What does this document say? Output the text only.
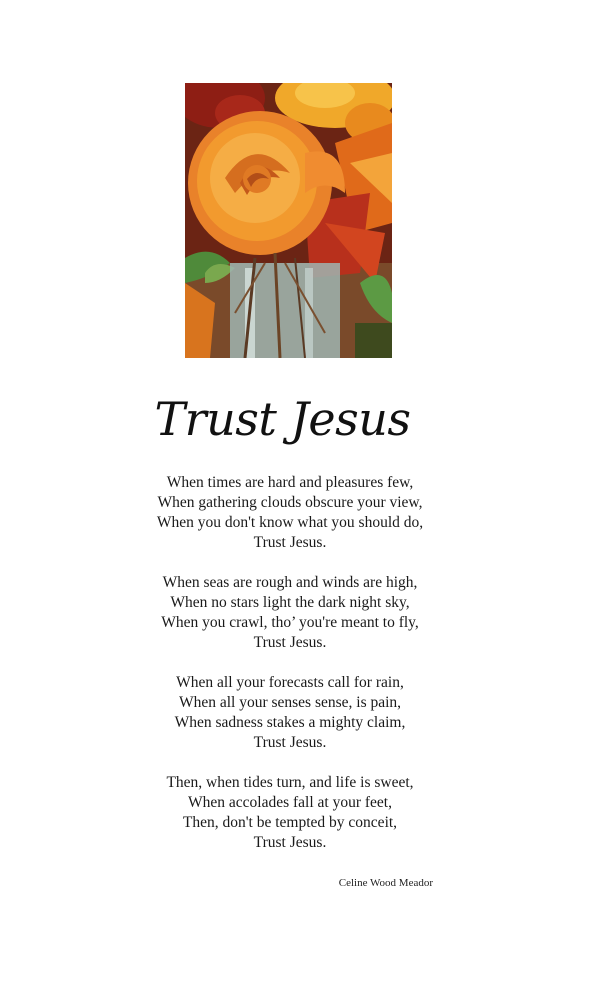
Trust Jesus
When times are hard and pleasures few,
When gathering clouds obscure your view,
When you don't know what you should do,
Trust Jesus.
When seas are rough and winds are high,
When no stars light the dark night sky,
When you crawl, tho’ you're meant to fly,
Trust Jesus.
When all your forecasts call for rain,
When all your senses sense, is pain,
When sadness stakes a mighty claim,
Trust Jesus.
Then, when tides turn, and life is sweet,
When accolades fall at your feet,
Then, don't be tempted by conceit,
Trust Jesus.
Celine Wood Meador
